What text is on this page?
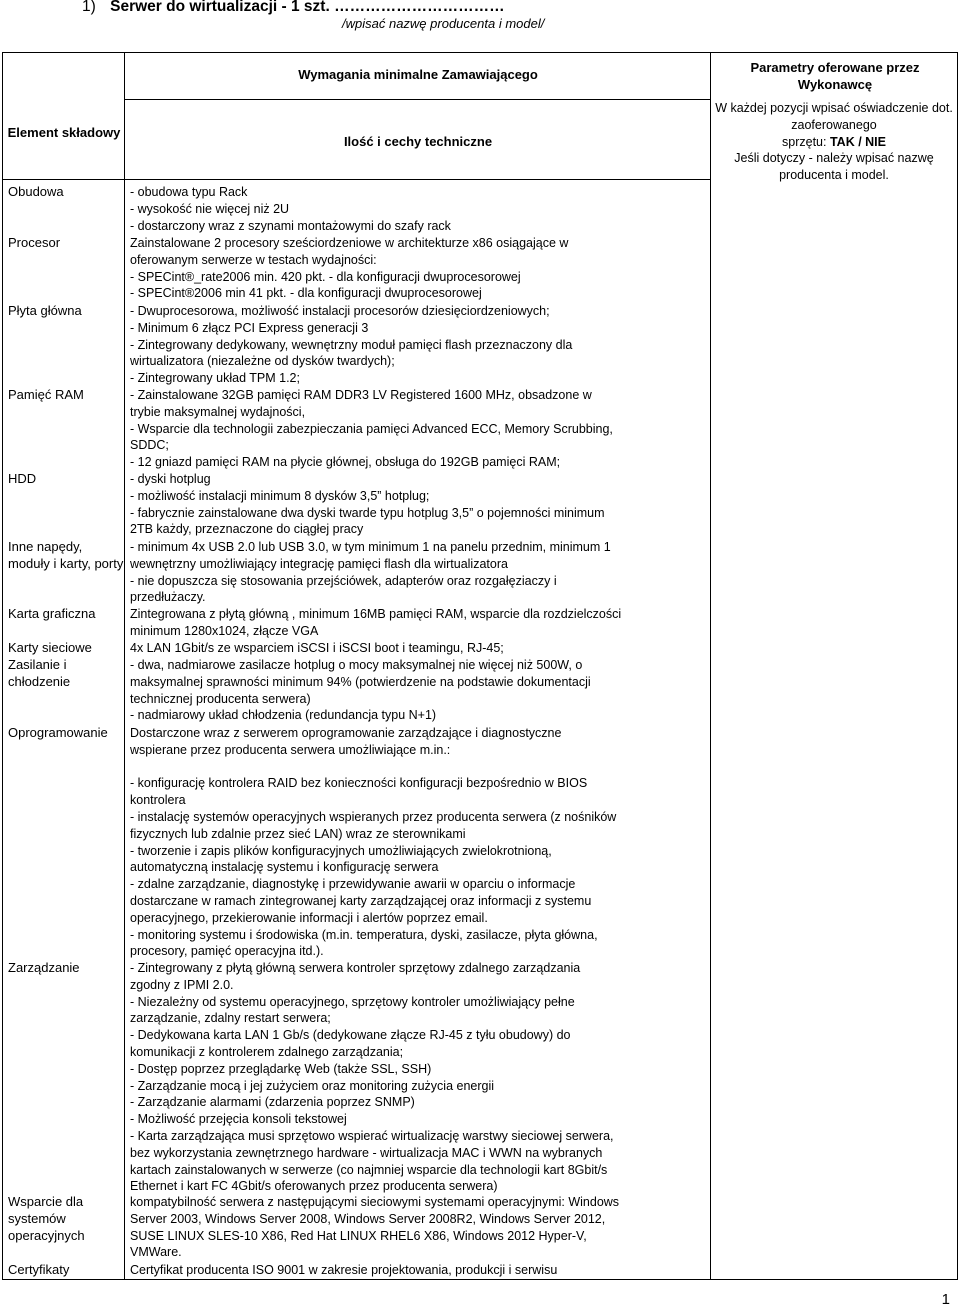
1) Serwer do wirtualizacji - 1 szt. ……………………………
/wpisać nazwę producenta i model/
Element składowy
Wymagania minimalne Zamawiającego
Ilość i cechy techniczne
Parametry oferowane przez Wykonawcę
W każdej pozycji wpisać oświadczenie dot. zaoferowanego
sprzętu: TAK / NIE
Jeśli dotyczy - należy wpisać nazwę producenta i model.
Obudowa
Procesor
Płyta główna
Pamięć RAM
HDD
Inne napędy, moduły i karty, porty
Karta graficzna
Karty sieciowe
Zasilanie i chłodzenie
Oprogramowanie
Zarządzanie
Wsparcie dla systemów operacyjnych
Certyfikaty
- obudowa typu Rack
- wysokość nie więcej niż 2U
- dostarczony wraz z szynami montażowymi do szafy rack
Zainstalowane 2 procesory sześciordzeniowe w architekturze x86 osiągające w
oferowanym serwerze w testach wydajności:
- SPECint®_rate2006 min. 420 pkt. - dla konfiguracji dwuprocesorowej
- SPECint®2006 min 41 pkt. - dla konfiguracji dwuprocesorowej
- Dwuprocesorowa, możliwość instalacji procesorów dziesięciordzeniowych;
- Minimum 6 złącz PCI Express generacji 3
- Zintegrowany dedykowany, wewnętrzny moduł pamięci flash przeznaczony dla
wirtualizatora (niezależne od dysków twardych);
- Zintegrowany układ TPM 1.2;
- Zainstalowane 32GB pamięci RAM DDR3 LV Registered 1600 MHz, obsadzone w
trybie maksymalnej wydajności,
- Wsparcie dla technologii zabezpieczania pamięci Advanced ECC, Memory Scrubbing,
SDDC;
- 12 gniazd pamięci RAM na płycie głównej, obsługa do 192GB pamięci RAM;
- dyski hotplug
- możliwość instalacji minimum 8 dysków 3,5” hotplug;
- fabrycznie zainstalowane dwa dyski twarde typu hotplug 3,5” o pojemności minimum
2TB każdy, przeznaczone do ciągłej pracy
- minimum 4x USB 2.0 lub USB 3.0, w tym minimum 1 na panelu przednim, minimum 1
wewnętrzny umożliwiający integrację pamięci flash dla wirtualizatora
- nie dopuszcza się stosowania przejściówek, adapterów oraz rozgałęziaczy i
przedłużaczy.
Zintegrowana z płytą główną , minimum 16MB pamięci RAM, wsparcie dla rozdzielczości
minimum 1280x1024, złącze VGA
4x LAN 1Gbit/s ze wsparciem iSCSI i iSCSI boot i teamingu, RJ-45;
- dwa, nadmiarowe zasilacze hotplug o mocy maksymalnej nie więcej niż 500W, o
maksymalnej sprawności minimum 94% (potwierdzenie na podstawie dokumentacji
technicznej producenta serwera)
- nadmiarowy układ chłodzenia (redundancja typu N+1)
Dostarczone wraz z serwerem oprogramowanie zarządzające i diagnostyczne
wspierane przez producenta serwera umożliwiające m.in.:

- konfigurację kontrolera RAID bez konieczności konfiguracji bezpośrednio w BIOS
kontrolera
- instalację systemów operacyjnych wspieranych przez producenta serwera (z nośników
fizycznych lub zdalnie przez sieć LAN) wraz ze sterownikami
- tworzenie i zapis plików konfiguracyjnych umożliwiających zwielokrotnioną,
automatyczną instalację systemu i konfigurację serwera
- zdalne zarządzanie, diagnostykę i przewidywanie awarii w oparciu o informacje
dostarczane w ramach zintegrowanej karty zarządzającej oraz informacji z systemu
operacyjnego, przekierowanie informacji i alertów poprzez email.
- monitoring systemu i środowiska (m.in. temperatura, dyski, zasilacze, płyta główna,
procesory, pamięć operacyjna itd.).
- Zintegrowany z płytą główną serwera kontroler sprzętowy zdalnego zarządzania
zgodny z IPMI 2.0.
- Niezależny od systemu operacyjnego, sprzętowy kontroler umożliwiający pełne
zarządzanie, zdalny restart serwera;
- Dedykowana karta LAN 1 Gb/s (dedykowane złącze RJ-45 z tyłu obudowy) do
komunikacji z kontrolerem zdalnego zarządzania;
- Dostęp poprzez przeglądarkę Web (także SSL, SSH)
- Zarządzanie mocą i jej zużyciem oraz monitoring zużycia energii
- Zarządzanie alarmami (zdarzenia poprzez SNMP)
- Możliwość przejęcia konsoli tekstowej
- Karta zarządzająca musi sprzętowo wspierać wirtualizację warstwy sieciowej serwera,
bez wykorzystania zewnętrznego hardware - wirtualizacja MAC i WWN na wybranych
kartach zainstalowanych w serwerze (co najmniej wsparcie dla technologii kart 8Gbit/s
Ethernet i kart FC 4Gbit/s oferowanych przez producenta serwera)
kompatybilność serwera z następującymi sieciowymi systemami operacyjnymi: Windows
Server 2003, Windows Server 2008, Windows Server 2008R2, Windows Server 2012,
SUSE LINUX SLES-10 X86, Red Hat LINUX RHEL6 X86, Windows 2012 Hyper-V,
VMWare.
Certyfikat producenta ISO 9001 w zakresie projektowania, produkcji i serwisu
1
